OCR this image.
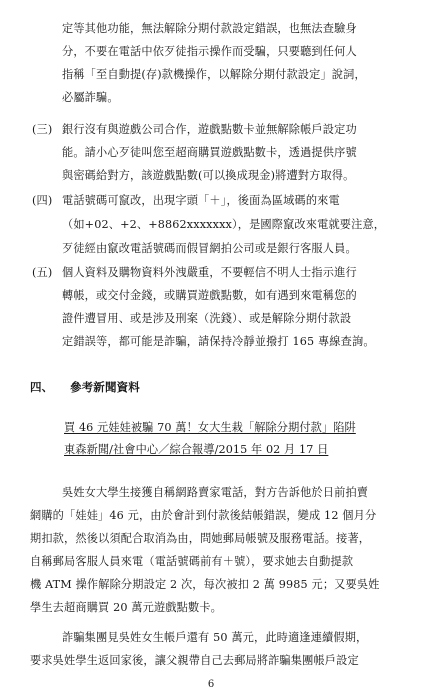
定等其他功能，無法解除分期付款設定錯誤，也無法查驗身
分，不要在電話中依歹徒指示操作而受騙，只要聽到任何人
指稱「至自動提(存)款機操作，以解除分期付款設定」說詞，
必屬詐騙。
(三) 銀行沒有與遊戲公司合作，遊戲點數卡並無解除帳戶設定功
能。請小心歹徒叫您至超商購買遊戲點數卡，透過提供序號
與密碼給對方，該遊戲點數(可以換成現金)將遭對方取得。
(四) 電話號碼可竄改，出現字頭「＋」，後面為區域碼的來電
（如+02、+2、+8862xxxxxxx），是國際竄改來電就要注意，
歹徒經由竄改電話號碼而假冒網拍公司或是銀行客服人員。
(五) 個人資料及購物資料外洩嚴重，不要輕信不明人士指示進行
轉帳，或交付金錢，或購買遊戲點數，如有遇到來電稱您的
證件遭冒用、或是涉及刑案（洗錢）、或是解除分期付款設
定錯誤等，都可能是詐騙，請保持冷靜並撥打 165 專線查詢。
四、 參考新聞資料
買 46 元娃娃被騙 70 萬！女大生栽「解除分期付款」陷阱
東森新聞/社會中心／綜合報導/2015 年 02 月 17 日
吳姓女大學生接獲自稱網路賣家電話，對方告訴他於日前拍賣
網購的「娃娃」46 元，由於會計到付款後結帳錯誤，變成 12 個月分
期扣款，然後以須配合取消為由，問她郵局帳號及服務電話。接著，
自稱郵局客服人員來電（電話號碼前有＋號），要求她去自動提款
機 ATM 操作解除分期設定 2 次，每次被扣 2 萬 9985 元；又要吳姓
學生去超商購買 20 萬元遊戲點數卡。
詐騙集團見吳姓女生帳戶還有 50 萬元，此時適逢連續假期，
要求吳姓學生返回家後，讓父親帶自己去郵局將詐騙集團帳戶設定
6
